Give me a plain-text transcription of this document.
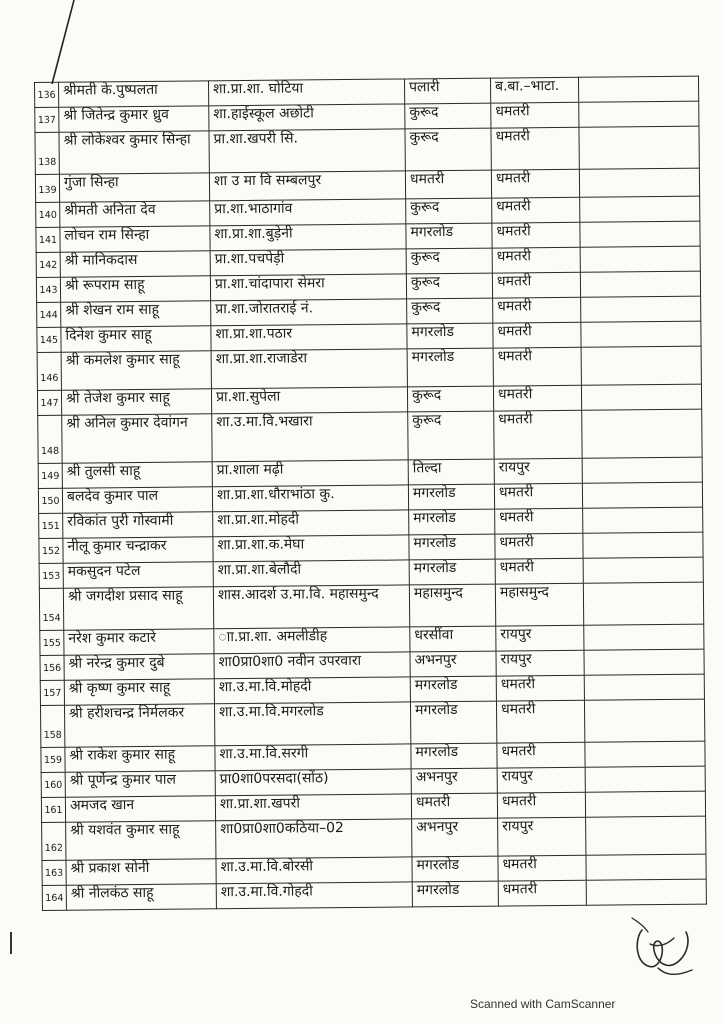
136	श्रीमती के.पुष्पलता	शा.प्रा.शा. घोटिया	पलारी	ब.बा.–भाटा.	
137	श्री जितेन्द्र कुमार ध्रुव	शा.हाईस्कूल अछोटी	कुरूद	धमतरी	
138	श्री लोकेश्वर कुमार सिन्हा	प्रा.शा.खपरी सि.	कुरूद	धमतरी	
139	गुंजा सिन्हा	शा उ मा वि सम्बलपुर	धमतरी	धमतरी	
140	श्रीमती अनिता देव	प्रा.शा.भाठागांव	कुरूद	धमतरी	
141	लोचन राम सिन्हा	शा.प्रा.शा.बुड़ेनी	मगरलोड	धमतरी	
142	श्री मानिकदास	प्रा.शा.पचपेड़ी	कुरूद	धमतरी	
143	श्री रूपराम साहू	प्रा.शा.चांदापारा सेमरा	कुरूद	धमतरी	
144	श्री शेखन राम साहू	प्रा.शा.जोरातराई नं.	कुरूद	धमतरी	
145	दिनेश कुमार साहू	शा.प्रा.शा.पठार	मगरलोड	धमतरी	
146	श्री कमलेश कुमार साहू	शा.प्रा.शा.राजाडेरा	मगरलोड	धमतरी	
147	श्री तेजेश कुमार साहू	प्रा.शा.सुपेला	कुरूद	धमतरी	
148	श्री अनिल कुमार देवांगन	शा.उ.मा.वि.भखारा	कुरूद	धमतरी	
149	श्री तुलसी साहू	प्रा.शाला मढ़ी	तिल्दा	रायपुर	
150	बलदेव कुमार पाल	शा.प्रा.शा.धौराभांठा कु.	मगरलोड	धमतरी	
151	रविकांत पुरी गोस्वामी	शा.प्रा.शा.मोहदी	मगरलोड	धमतरी	
152	नीलू कुमार चन्द्राकर	शा.प्रा.शा.क.मेघा	मगरलोड	धमतरी	
153	मकसुदन पटेल	शा.प्रा.शा.बेलौदी	मगरलोड	धमतरी	
154	श्री जगदीश प्रसाद साहू	शास.आदर्श उ.मा.वि. महासमुन्द	महासमुन्द	महासमुन्द	
155	नरेश कुमार कटारे	ाा.प्रा.शा. अमलीडीह	धरसींवा	रायपुर	
156	श्री नरेन्द्र कुमार दुबे	शा0प्रा0शा0 नवीन उपरवारा	अभनपुर	रायपुर	
157	श्री कृष्ण कुमार साहू	शा.उ.मा.वि.मोहदी	मगरलोड	धमतरी	
158	श्री हरीशचन्द्र निर्मलकर	शा.उ.मा.वि.मगरलोड	मगरलोड	धमतरी	
159	श्री राकेश कुमार साहू	शा.उ.मा.वि.सरगी	मगरलोड	धमतरी	
160	श्री पूर्णेन्द्र कुमार पाल	प्रा0शा0परसदा(सोंठ)	अभनपुर	रायपुर	
161	अमजद खान	शा.प्रा.शा.खपरी	धमतरी	धमतरी	
162	श्री यशवंत कुमार साहू	शा0प्रा0शा0कठिया–02	अभनपुर	रायपुर	
163	श्री प्रकाश सोनी	शा.उ.मा.वि.बोरसी	मगरलोड	धमतरी	
164	श्री नीलकंठ साहू	शा.उ.मा.वि.गोहदी	मगरलोड	धमतरी	
Scanned with CamScanner
